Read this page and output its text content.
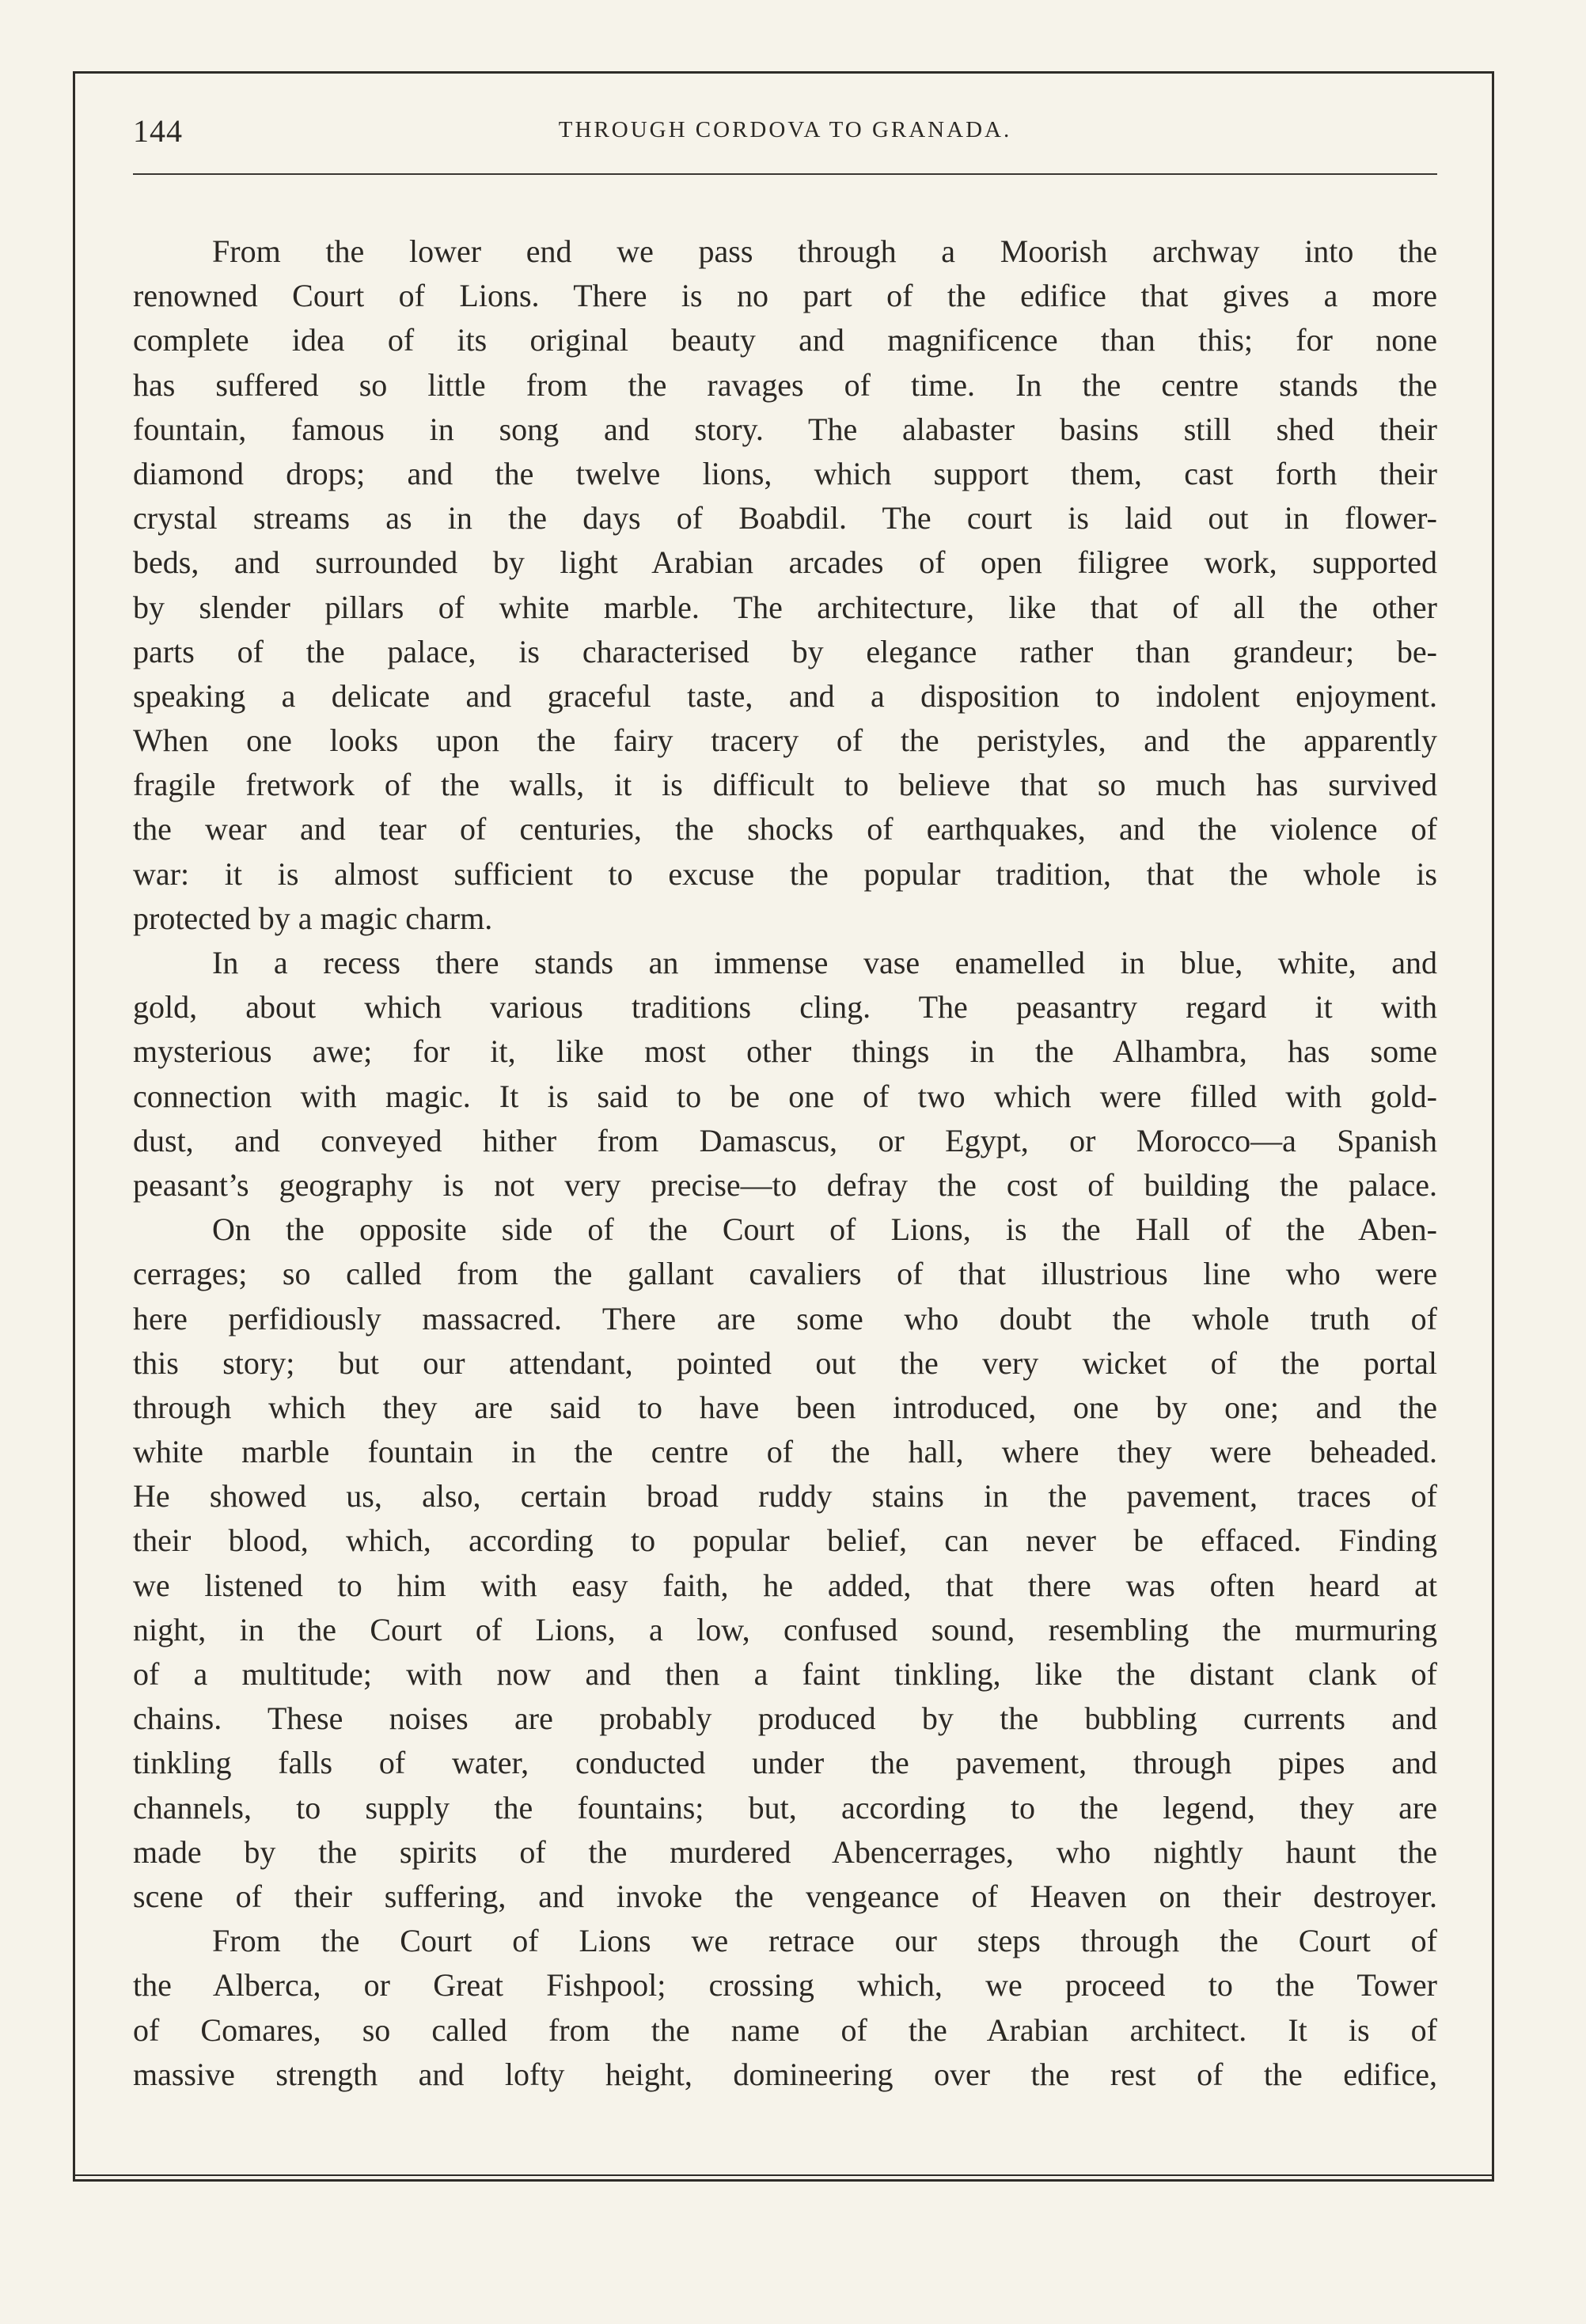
144	THROUGH CORDOVA TO GRANADA.
From the lower end we pass through a Moorish archway into the
renowned Court of Lions. There is no part of the edifice that gives a more
complete idea of its original beauty and magnificence than this; for none
has suffered so little from the ravages of time. In the centre stands the
fountain, famous in song and story. The alabaster basins still shed their
diamond drops; and the twelve lions, which support them, cast forth their
crystal streams as in the days of Boabdil. The court is laid out in flower-
beds, and surrounded by light Arabian arcades of open filigree work, supported
by slender pillars of white marble. The architecture, like that of all the other
parts of the palace, is characterised by elegance rather than grandeur; be-
speaking a delicate and graceful taste, and a disposition to indolent enjoyment.
When one looks upon the fairy tracery of the peristyles, and the apparently
fragile fretwork of the walls, it is difficult to believe that so much has survived
the wear and tear of centuries, the shocks of earthquakes, and the violence of
war: it is almost sufficient to excuse the popular tradition, that the whole is
protected by a magic charm.
In a recess there stands an immense vase enamelled in blue, white, and
gold, about which various traditions cling. The peasantry regard it with
mysterious awe; for it, like most other things in the Alhambra, has some
connection with magic. It is said to be one of two which were filled with gold-
dust, and conveyed hither from Damascus, or Egypt, or Morocco—a Spanish
peasant’s geography is not very precise—to defray the cost of building the palace.
On the opposite side of the Court of Lions, is the Hall of the Aben-
cerrages; so called from the gallant cavaliers of that illustrious line who were
here perfidiously massacred. There are some who doubt the whole truth of
this story; but our attendant, pointed out the very wicket of the portal
through which they are said to have been introduced, one by one; and the
white marble fountain in the centre of the hall, where they were beheaded.
He showed us, also, certain broad ruddy stains in the pavement, traces of
their blood, which, according to popular belief, can never be effaced. Finding
we listened to him with easy faith, he added, that there was often heard at
night, in the Court of Lions, a low, confused sound, resembling the murmuring
of a multitude; with now and then a faint tinkling, like the distant clank of
chains. These noises are probably produced by the bubbling currents and
tinkling falls of water, conducted under the pavement, through pipes and
channels, to supply the fountains; but, according to the legend, they are
made by the spirits of the murdered Abencerrages, who nightly haunt the
scene of their suffering, and invoke the vengeance of Heaven on their destroyer.
From the Court of Lions we retrace our steps through the Court of
the Alberca, or Great Fishpool; crossing which, we proceed to the Tower
of Comares, so called from the name of the Arabian architect. It is of
massive strength and lofty height, domineering over the rest of the edifice,
